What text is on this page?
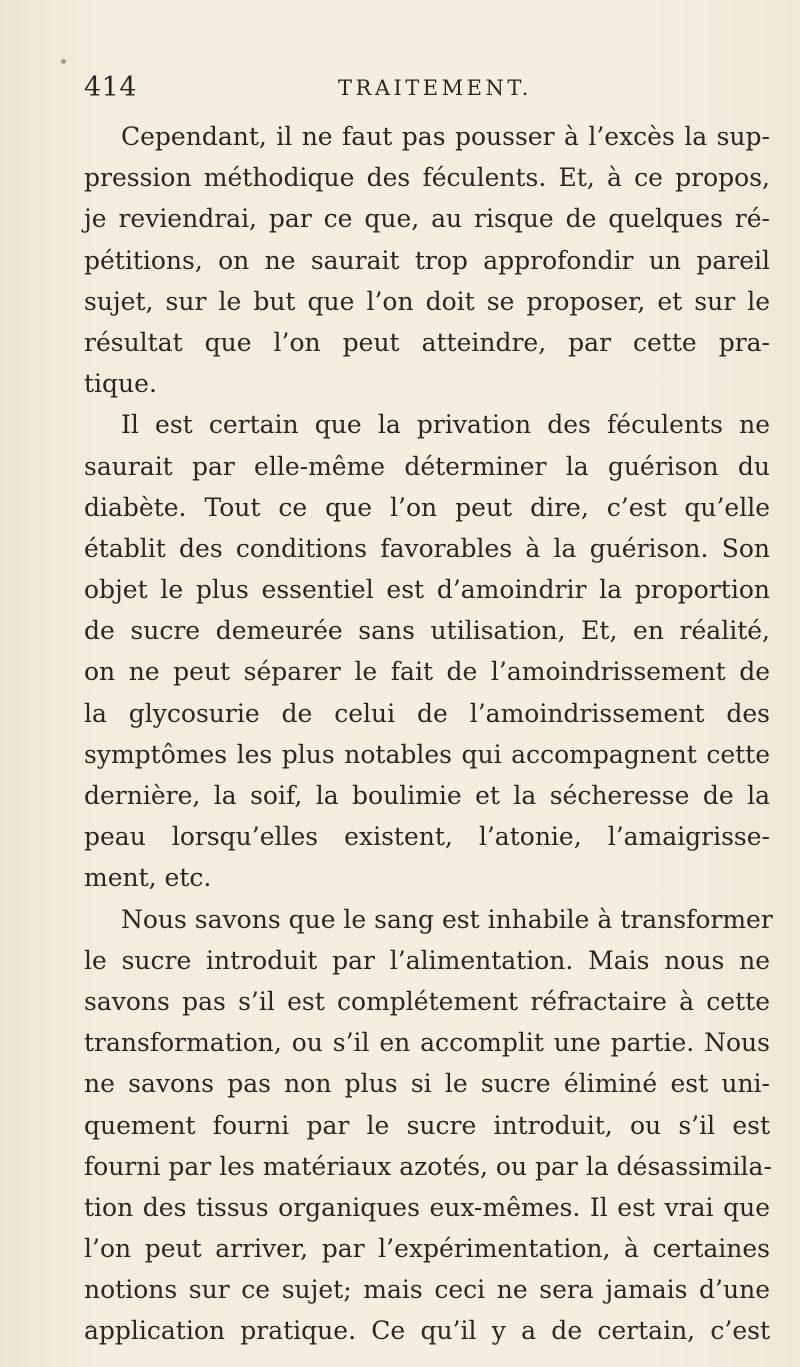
414	TRAITEMENT.
Cependant, il ne faut pas pousser à l’excès la sup-
pression méthodique des féculents. Et, à ce propos,
je reviendrai, par ce que, au risque de quelques ré-
pétitions, on ne saurait trop approfondir un pareil
sujet, sur le but que l’on doit se proposer, et sur le
résultat que l’on peut atteindre, par cette pra-
tique.
Il est certain que la privation des féculents ne
saurait par elle-même déterminer la guérison du
diabète. Tout ce que l’on peut dire, c’est qu’elle
établit des conditions favorables à la guérison. Son
objet le plus essentiel est d’amoindrir la proportion
de sucre demeurée sans utilisation, Et, en réalité,
on ne peut séparer le fait de l’amoindrissement de
la glycosurie de celui de l’amoindrissement des
symptômes les plus notables qui accompagnent cette
dernière, la soif, la boulimie et la sécheresse de la
peau lorsqu’elles existent, l’atonie, l’amaigrisse-
ment, etc.
Nous savons que le sang est inhabile à transformer
le sucre introduit par l’alimentation. Mais nous ne
savons pas s’il est complétement réfractaire à cette
transformation, ou s’il en accomplit une partie. Nous
ne savons pas non plus si le sucre éliminé est uni-
quement fourni par le sucre introduit, ou s’il est
fourni par les matériaux azotés, ou par la désassimila-
tion des tissus organiques eux-mêmes. Il est vrai que
l’on peut arriver, par l’expérimentation, à certaines
notions sur ce sujet; mais ceci ne sera jamais d’une
application pratique. Ce qu’il y a de certain, c’est
